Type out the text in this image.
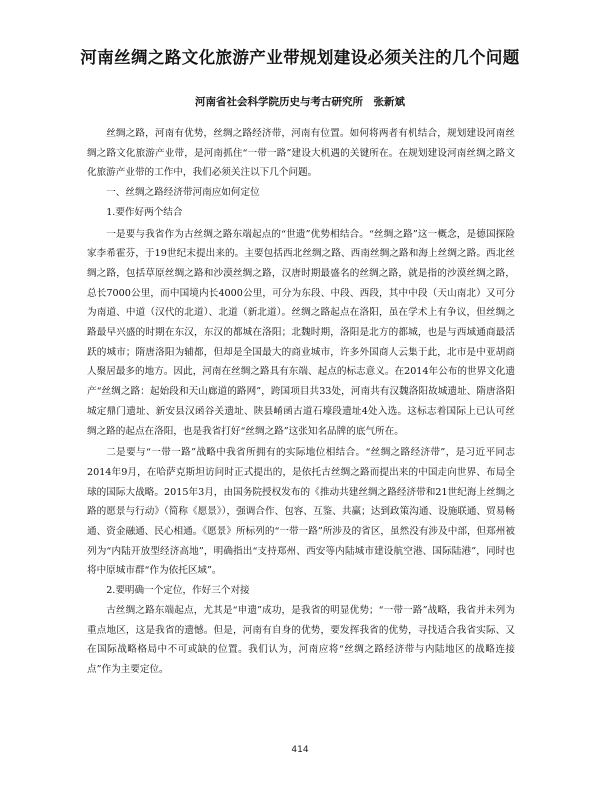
河南丝绸之路文化旅游产业带规划建设必须关注的几个问题
河南省社会科学院历史与考古研究所　张新斌

丝绸之路，河南有优势，丝绸之路经济带，河南有位置。如何将两者有机结合，规划建设河南丝绸之路文化旅游产业带，是河南抓住“一带一路”建设大机遇的关键所在。在规划建设河南丝绸之路文化旅游产业带的工作中，我们必须关注以下几个问题。

一、丝绸之路经济带河南应如何定位

1.要作好两个结合

一是要与我省作为古丝绸之路东端起点的“世遗”优势相结合。“丝绸之路”这一概念，是德国探险家李希霍芬，于19世纪末提出来的。主要包括西北丝绸之路、西南丝绸之路和海上丝绸之路。西北丝绸之路，包括草原丝绸之路和沙漠丝绸之路，汉唐时期最盛名的丝绸之路，就是指的沙漠丝绸之路，总长7000公里，而中国境内长4000公里，可分为东段、中段、西段，其中中段（天山南北）又可分为南道、中道（汉代的北道）、北道（新北道）。丝绸之路起点在洛阳，虽在学术上有争议，但丝绸之路最早兴盛的时期在东汉，东汉的都城在洛阳；北魏时期，洛阳是北方的都城，也是与西域通商最活跃的城市；隋唐洛阳为辅都，但却是全国最大的商业城市，许多外国商人云集于此，北市是中亚胡商人聚居最多的地方。因此，河南在丝绸之路具有东端、起点的标志意义。在2014年公布的世界文化遗产“丝绸之路：起始段和天山廊道的路网”，跨国项目共33处，河南共有汉魏洛阳故城遗址、隋唐洛阳城定鼎门遗址、新安县汉函谷关遗址、陕县崤函古道石壕段遗址4处入选。这标志着国际上已认可丝绸之路的起点在洛阳，也是我省打好“丝绸之路”这张知名品牌的底气所在。

二是要与“一带一路”战略中我省所拥有的实际地位相结合。“丝绸之路经济带”，是习近平同志2014年9月，在哈萨克斯坦访问时正式提出的，是依托古丝绸之路而提出来的中国走向世界、布局全球的国际大战略。2015年3月，由国务院授权发布的《推动共建丝绸之路经济带和21世纪海上丝绸之路的愿景与行动》（简称《愿景》），强调合作、包容、互鉴、共赢；达到政策沟通、设施联通、贸易畅通、资金融通、民心相通。《愿景》所标列的“一带一路”所涉及的省区，虽然没有涉及中部，但郑州被列为“内陆开放型经济高地”，明确指出“支持郑州、西安等内陆城市建设航空港、国际陆港”，同时也将中原城市群“作为依托区域”。

2.要明确一个定位，作好三个对接

古丝绸之路东端起点，尤其是“申遗”成功，是我省的明显优势；“一带一路”战略，我省并未列为重点地区，这是我省的遗憾。但是，河南有自身的优势，要发挥我省的优势，寻找适合我省实际、又在国际战略格局中不可或缺的位置。我们认为，河南应将“丝绸之路经济带与内陆地区的战略连接点”作为主要定位。

414
